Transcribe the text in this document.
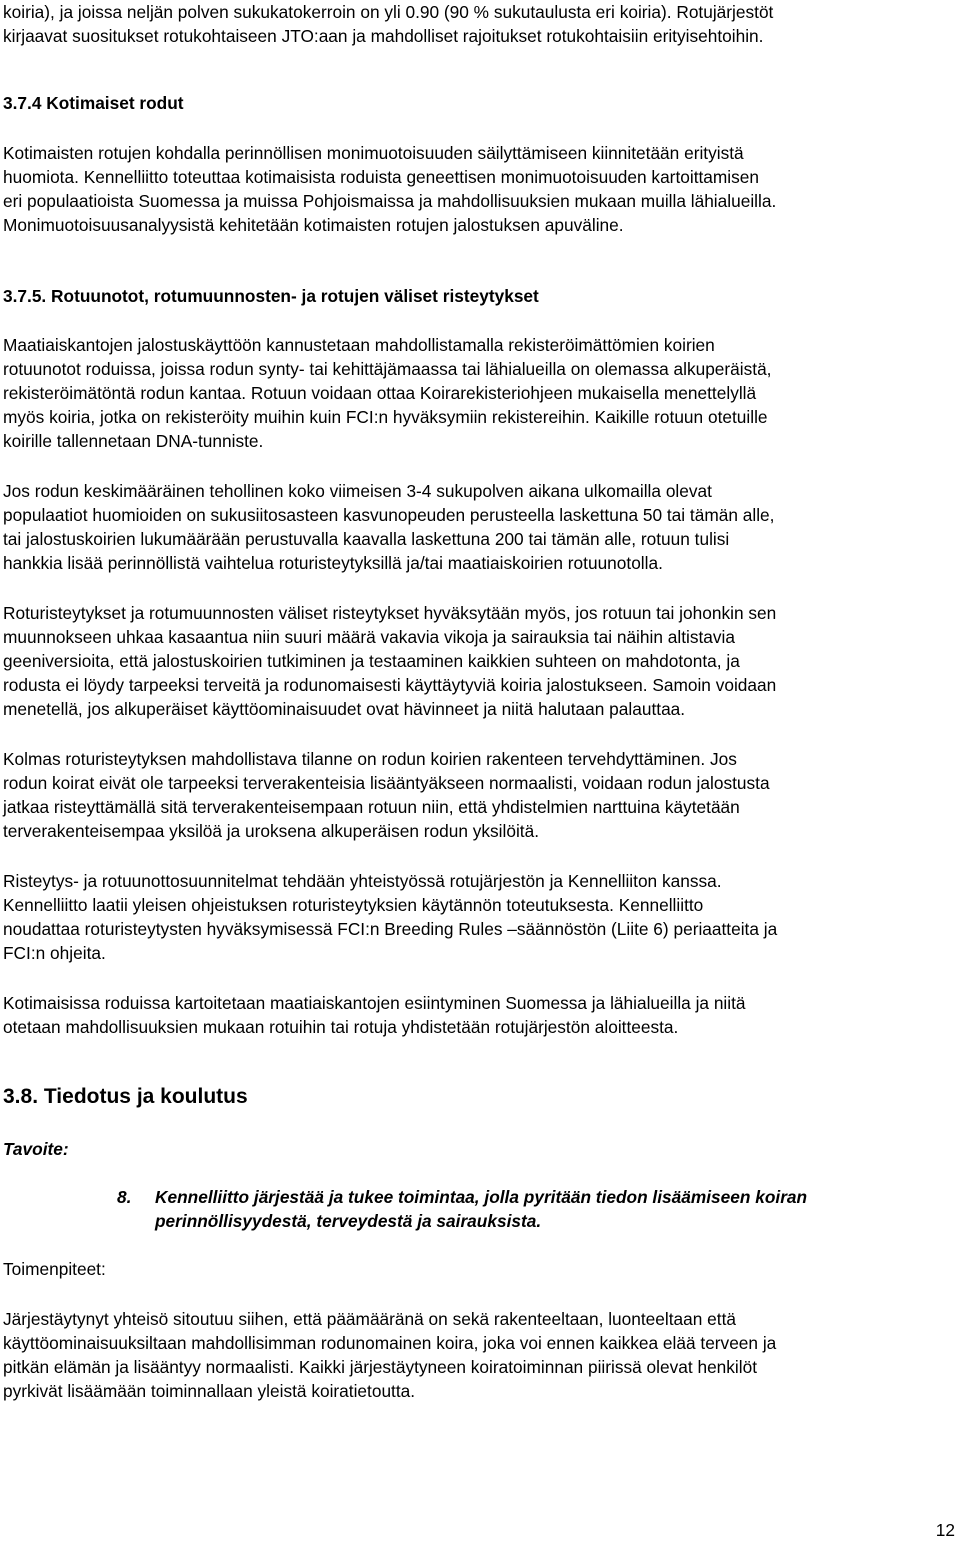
koiria), ja joissa neljän polven sukukatokerroin on yli 0.90 (90 % sukutaulusta eri koiria). Rotujärjestöt
kirjaavat suositukset rotukohtaiseen JTO:aan ja mahdolliset rajoitukset rotukohtaisiin erityisehtoihin.
3.7.4 Kotimaiset rodut
Kotimaisten rotujen kohdalla perinnöllisen monimuotoisuuden säilyttämiseen kiinnitetään erityistä
huomiota. Kennelliitto toteuttaa kotimaisista roduista geneettisen monimuotoisuuden kartoittamisen
eri populaatioista Suomessa ja muissa Pohjoismaissa ja mahdollisuuksien mukaan muilla lähialueilla.
Monimuotoisuusanalyysistä kehitetään kotimaisten rotujen jalostuksen apuväline.
3.7.5. Rotuunotot, rotumuunnosten- ja rotujen väliset risteytykset
Maatiaiskantojen jalostuskäyttöön kannustetaan mahdollistamalla rekisteröimättömien koirien
rotuunotot roduissa, joissa rodun synty- tai kehittäjämaassa tai lähialueilla on olemassa alkuperäistä,
rekisteröimätöntä rodun kantaa. Rotuun voidaan ottaa Koirarekisteriohjeen mukaisella menettelyllä
myös koiria, jotka on rekisteröity muihin kuin FCI:n hyväksymiin rekistereihin. Kaikille rotuun otetuille
koirille tallennetaan DNA-tunniste.
Jos rodun keskimääräinen tehollinen koko viimeisen 3-4 sukupolven aikana ulkomailla olevat
populaatiot huomioiden on sukusiitosasteen kasvunopeuden perusteella laskettuna 50 tai tämän alle,
tai jalostuskoirien lukumäärään perustuvalla kaavalla laskettuna 200 tai tämän alle, rotuun tulisi
hankkia lisää perinnöllistä vaihtelua roturisteytyksillä ja/tai maatiaiskoirien rotuunotolla.
Roturisteytykset ja rotumuunnosten väliset risteytykset hyväksytään myös, jos rotuun tai johonkin sen
muunnokseen uhkaa kasaantua niin suuri määrä vakavia vikoja ja sairauksia tai näihin altistavia
geeniversioita, että jalostuskoirien tutkiminen ja testaaminen kaikkien suhteen on mahdotonta, ja
rodusta ei löydy tarpeeksi terveitä ja rodunomaisesti käyttäytyviä koiria jalostukseen. Samoin voidaan
menetellä, jos alkuperäiset käyttöominaisuudet ovat hävinneet ja niitä halutaan palauttaa.
Kolmas roturisteytyksen mahdollistava tilanne on rodun koirien rakenteen tervehdyttäminen. Jos
rodun koirat eivät ole tarpeeksi terverakenteisia lisääntyäkseen normaalisti, voidaan rodun jalostusta
jatkaa risteyttämällä sitä terverakenteisempaan rotuun niin, että yhdistelmien narttuina käytetään
terverakenteisempaa yksilöä ja uroksena alkuperäisen rodun yksilöitä.
Risteytys- ja rotuunottosuunnitelmat tehdään yhteistyössä rotujärjestön ja Kennelliiton kanssa.
Kennelliitto laatii yleisen ohjeistuksen roturisteytyksien käytännön toteutuksesta. Kennelliitto
noudattaa roturisteytysten hyväksymisessä FCI:n Breeding Rules –säännöstön (Liite 6) periaatteita ja
FCI:n ohjeita.
Kotimaisissa roduissa kartoitetaan maatiaiskantojen esiintyminen Suomessa ja lähialueilla ja niitä
otetaan mahdollisuuksien mukaan rotuihin tai rotuja yhdistetään rotujärjestön aloitteesta.
3.8. Tiedotus ja koulutus
Tavoite:
8. Kennelliitto järjestää ja tukee toimintaa, jolla pyritään tiedon lisäämiseen koiran
perinnöllisyydestä, terveydestä ja sairauksista.
Toimenpiteet:
Järjestäytynyt yhteisö sitoutuu siihen, että päämääränä on sekä rakenteeltaan, luonteeltaan että
käyttöominaisuuksiltaan mahdollisimman rodunomainen koira, joka voi ennen kaikkea elää terveen ja
pitkän elämän ja lisääntyy normaalisti. Kaikki järjestäytyneen koiratoiminnan piirissä olevat henkilöt
pyrkivät lisäämään toiminnallaan yleistä koiratietoutta.
12
